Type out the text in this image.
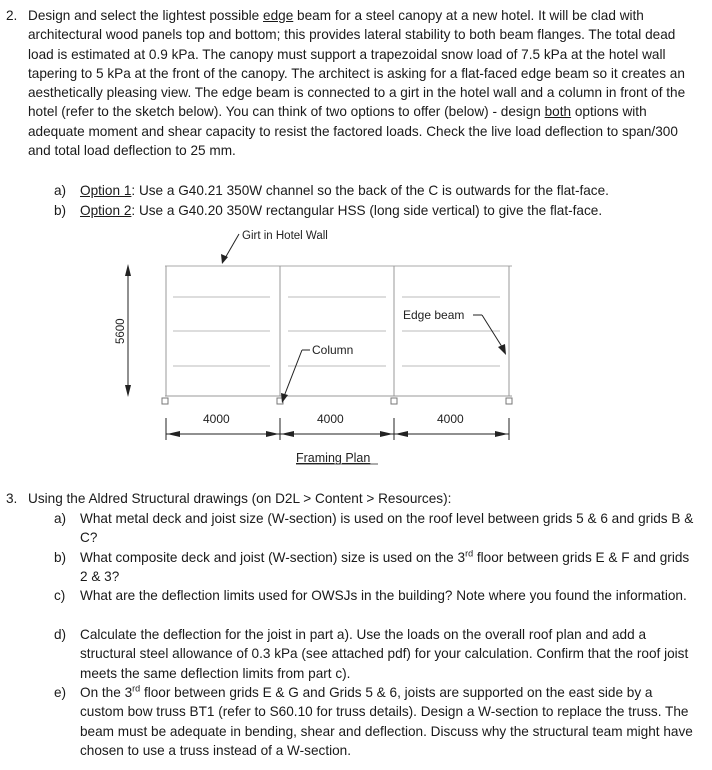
2. Design and select the lightest possible edge beam for a steel canopy at a new hotel. It will be clad with architectural wood panels top and bottom; this provides lateral stability to both beam flanges. The total dead load is estimated at 0.9 kPa. The canopy must support a trapezoidal snow load of 7.5 kPa at the hotel wall tapering to 5 kPa at the front of the canopy. The architect is asking for a flat-faced edge beam so it creates an aesthetically pleasing view. The edge beam is connected to a girt in the hotel wall and a column in front of the hotel (refer to the sketch below). You can think of two options to offer (below) - design both options with adequate moment and shear capacity to resist the factored loads. Check the live load deflection to span/300 and total load deflection to 25 mm.
a) Option 1: Use a G40.21 350W channel so the back of the C is outwards for the flat-face.
b) Option 2: Use a G40.20 350W rectangular HSS (long side vertical) to give the flat-face.
Girt in Hotel Wall
5600
Edge beam
Column
4000	4000	4000
Framing Plan
3. Using the Aldred Structural drawings (on D2L > Content > Resources):
a)	What metal deck and joist size (W-section) is used on the roof level between grids 5 & 6 and grids B & C?
b)	What composite deck and joist (W-section) size is used on the 3rd floor between grids E & F and grids 2 & 3?
c)	What are the deflection limits used for OWSJs in the building? Note where you found the information.
d)	Calculate the deflection for the joist in part a). Use the loads on the overall roof plan and add a structural steel allowance of 0.3 kPa (see attached pdf) for your calculation. Confirm that the roof joist meets the same deflection limits from part c).
e)	On the 3rd floor between grids E & G and Grids 5 & 6, joists are supported on the east side by a custom bow truss BT1 (refer to S60.10 for truss details). Design a W-section to replace the truss. The beam must be adequate in bending, shear and deflection. Discuss why the structural team might have chosen to use a truss instead of a W-section.
